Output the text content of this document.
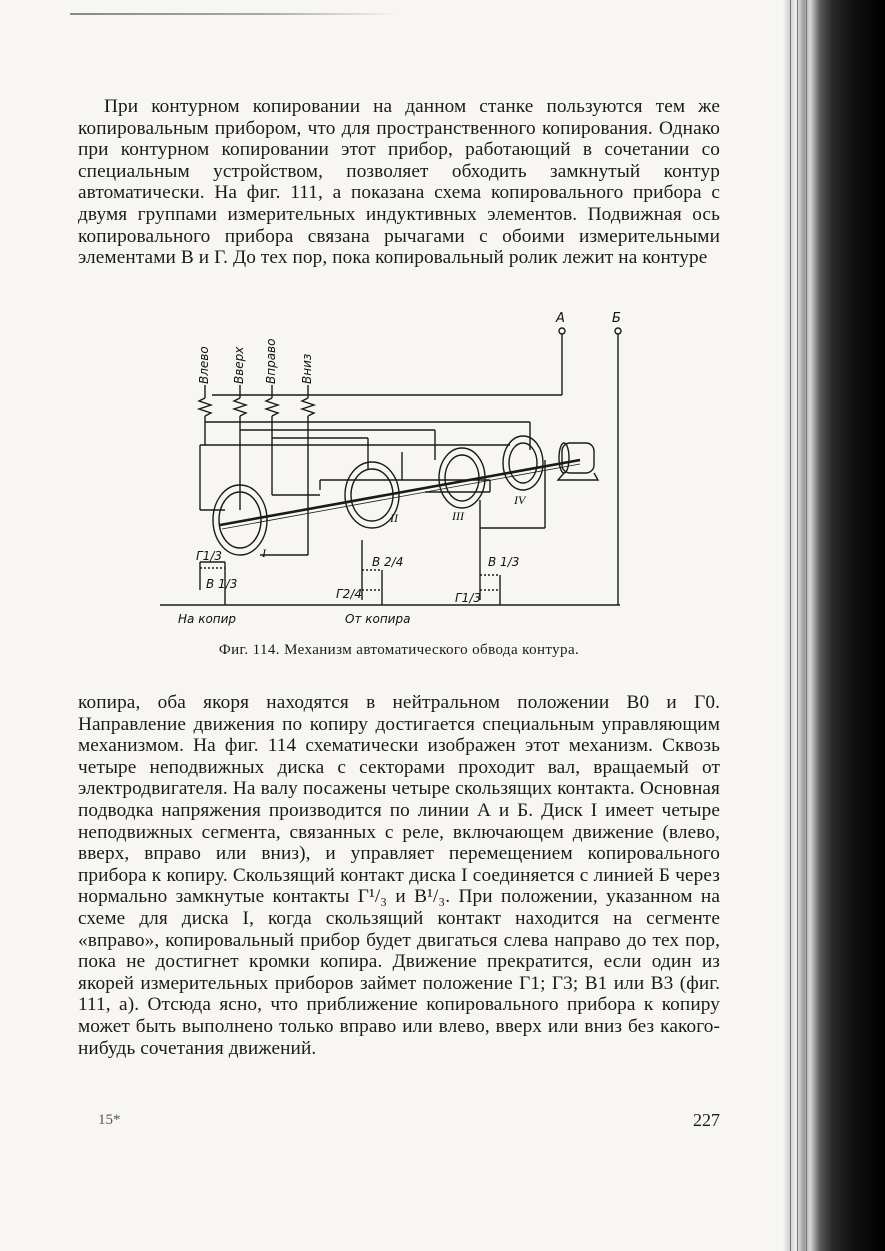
При контурном копировании на данном станке пользуются тем же копировальным прибором, что для пространственного копирования. Однако при контурном копировании этот прибор, работающий в сочетании со специальным устройством, позволяет обходить замкнутый контур автоматически. На фиг. 111, а показана схема копировального прибора с двумя группами измерительных индуктивных элементов. Подвижная ось копировального прибора связана рычагами с обоими измерительными элементами В и Г. До тех пор, пока копировальный ролик лежит на контуре

А	Б
Влево Вверх Вправо Вниз
I
II	III
IV
Г1/3
В 1/3
В 2/4
Г2/4
В 1/3
Г1/3
На копир	От копира
Фиг. 114. Механизм автоматического обвода контура.

копира, оба якоря находятся в нейтральном положении В0 и Г0. Направление движения по копиру достигается специальным управляющим механизмом. На фиг. 114 схематически изображен этот механизм. Сквозь четыре неподвижных диска с секторами проходит вал, вращаемый от электродвигателя. На валу посажены четыре скользящих контакта. Основная подводка напряжения производится по линии А и Б. Диск I имеет четыре неподвижных сегмента, связанных с реле, включающем движение (влево, вверх, вправо или вниз), и управляет перемещением копировального прибора к копиру. Скользящий контакт диска I соединяется с линией Б через нормально замкнутые контакты Г¹/₃ и В¹/₃. При положении, указанном на схеме для диска I, когда скользящий контакт находится на сегменте «вправо», копировальный прибор будет двигаться слева направо до тех пор, пока не достигнет кромки копира. Движение прекратится, если один из якорей измерительных приборов займет положение Г1; Г3; В1 или В3 (фиг. 111, а). Отсюда ясно, что приближение копировального прибора к копиру может быть выполнено только вправо или влево, вверх или вниз без какого-нибудь сочетания движений.

15*	227
